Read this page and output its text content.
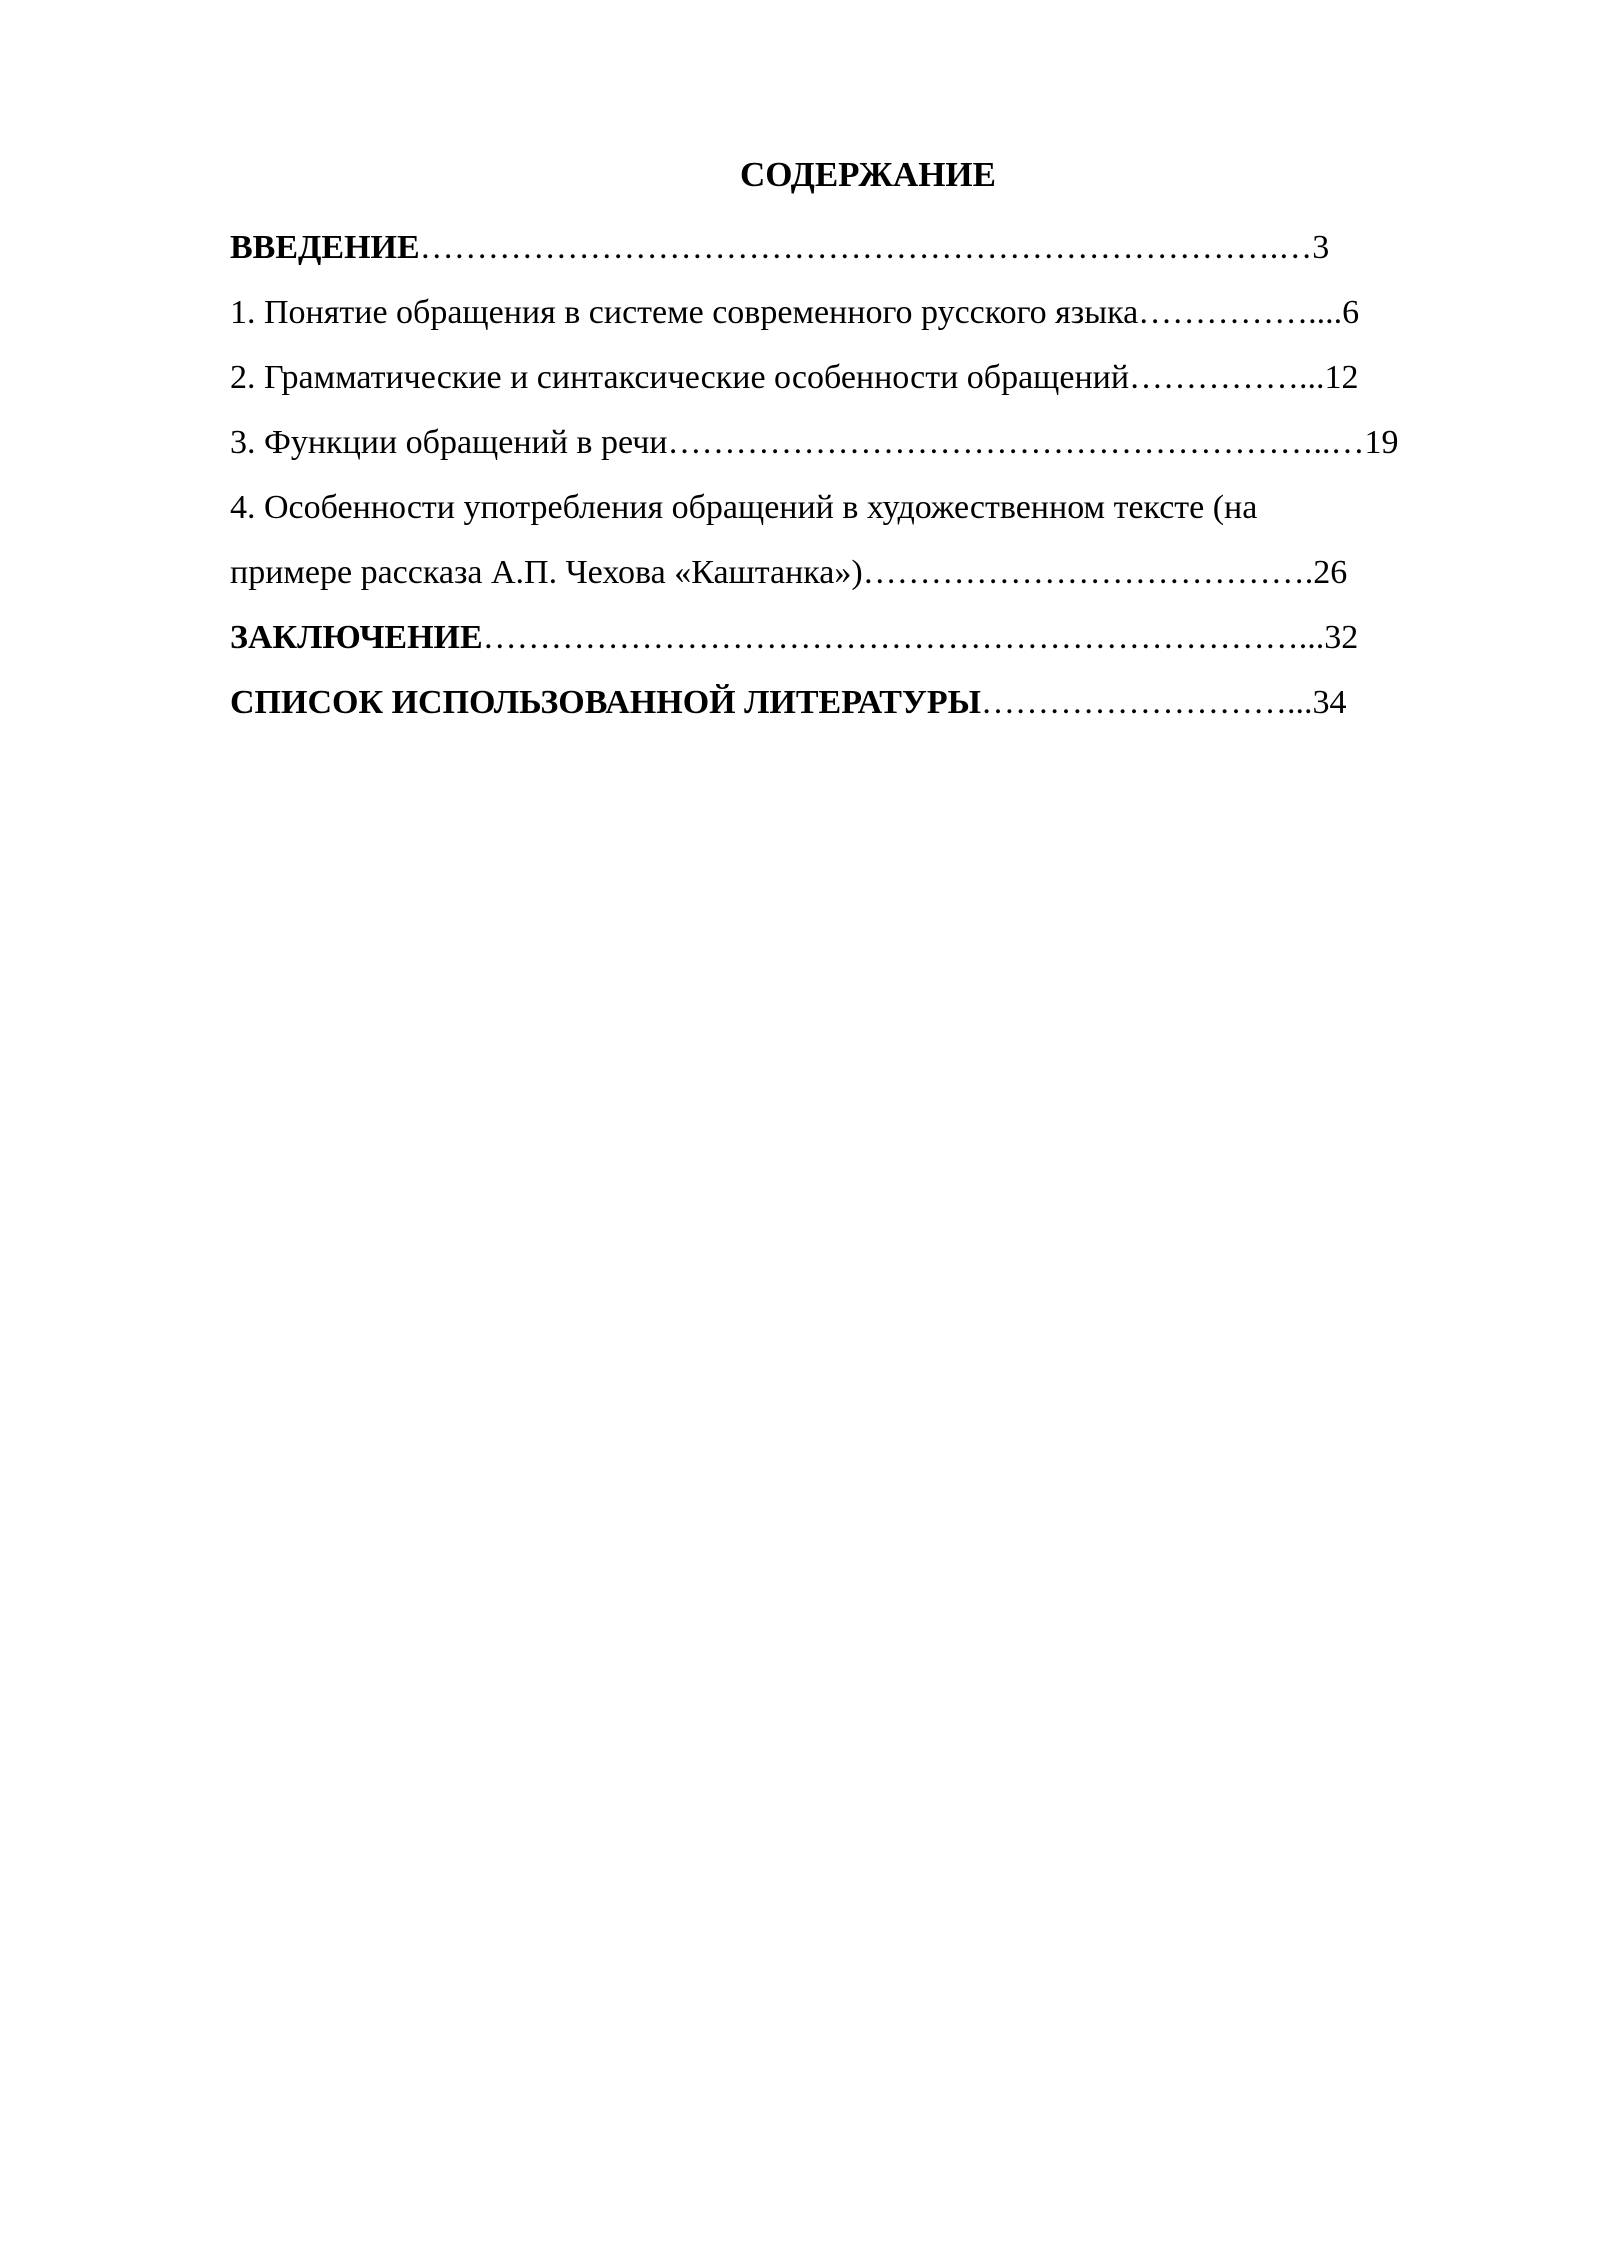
СОДЕРЖАНИЕ
ВВЕДЕНИЕ………………………………………………………………….…3
1. Понятие обращения в системе современного русского языка……………....6
2. Грамматические и синтаксические особенности обращений……………...12
3. Функции обращений в речи…………………………………………………..…19
4. Особенности употребления обращений в художественном тексте (на
примере рассказа А.П. Чехова «Каштанка»)………………………………….26
ЗАКЛЮЧЕНИЕ………………………………………………………………...32
СПИСОК ИСПОЛЬЗОВАННОЙ ЛИТЕРАТУРЫ………………………...34
